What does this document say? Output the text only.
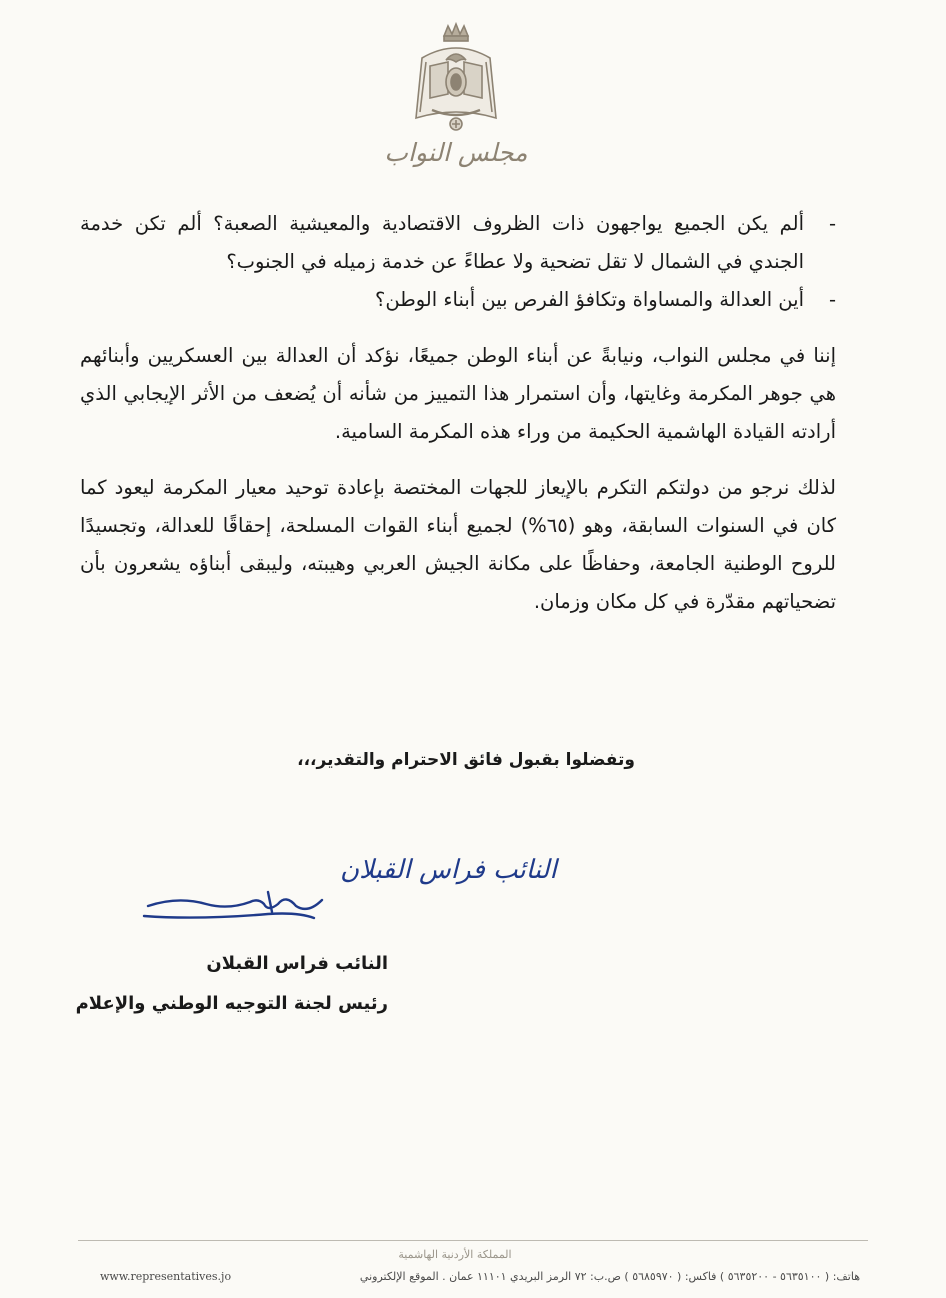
مجلس النواب
-
ألم يكن الجميع يواجهون ذات الظروف الاقتصادية والمعيشية الصعبة؟ ألم تكن خدمة الجندي في الشمال لا تقل تضحية ولا عطاءً عن خدمة زميله في الجنوب؟
-
أين العدالة والمساواة وتكافؤ الفرص بين أبناء الوطن؟

إننا في مجلس النواب، ونيابةً عن أبناء الوطن جميعًا، نؤكد أن العدالة بين العسكريين وأبنائهم هي جوهر المكرمة وغايتها، وأن استمرار هذا التمييز من شأنه أن يُضعف من الأثر الإيجابي الذي أرادته القيادة الهاشمية الحكيمة من وراء هذه المكرمة السامية.

لذلك نرجو من دولتكم التكرم بالإيعاز للجهات المختصة بإعادة توحيد معيار المكرمة ليعود كما كان في السنوات السابقة، وهو (٦٥%) لجميع أبناء القوات المسلحة، إحقاقًا للعدالة، وتجسيدًا للروح الوطنية الجامعة، وحفاظًا على مكانة الجيش العربي وهيبته، وليبقى أبناؤه يشعرون بأن تضحياتهم مقدّرة في كل مكان وزمان.

وتفضلوا بقبول فائق الاحترام والتقدير،،،
النائب فراس القبلان
النائب فراس القبلان
رئيس لجنة التوجيه الوطني والإعلام
المملكة الأردنية الهاشمية
هاتف: ( ٥٦٣٥١٠٠ - ٥٦٣٥٢٠٠ ) فاكس: ( ٥٦٨٥٩٧٠ ) ص.ب: ٧٢ الرمز البريدي ١١١٠١ عمان . الموقع الإلكتروني
www.representatives.jo
